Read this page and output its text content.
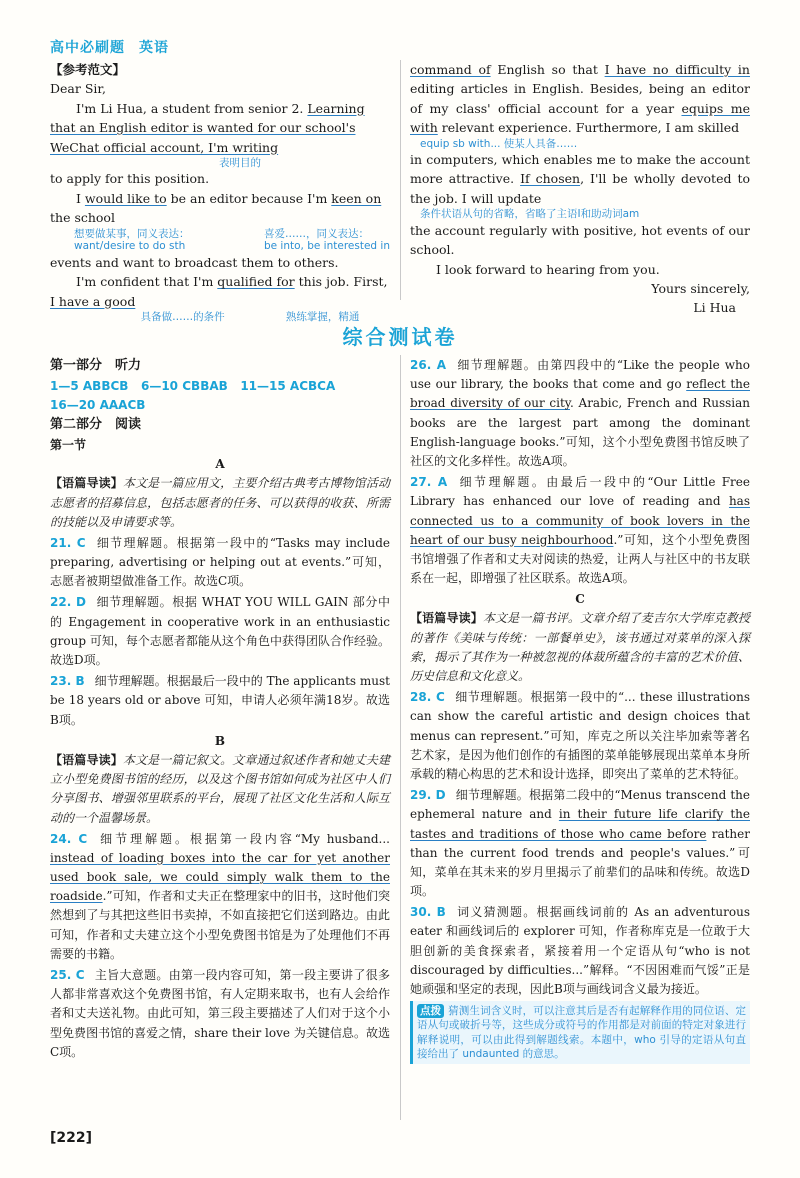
高中必刷题 英语

【参考范文】

Dear Sir,

I'm Li Hua, a student from senior 2. Learning that an English editor is wanted for our school's WeChat official account, I'm writing

表明目的

to apply for this position.

I would like to be an editor because I'm keen on the school

想要做某事，同义表达：
want/desire to do sth
喜爱……，同义表达：
be into, be interested in

events and want to broadcast them to others.

I'm confident that I'm qualified for this job. First, I have a good

具备做……的条件	熟练掌握，精通

command of English so that I have no difficulty in editing articles in English. Besides, being an editor of my class' official account for a year equips me with relevant experience. Furthermore, I am skilled

equip sb with... 使某人具备……

in computers, which enables me to make the account more attractive. If chosen, I'll be wholly devoted to the job. I will update

条件状语从句的省略，省略了主语I和助动词am

the account regularly with positive, hot events of our school.

I look forward to hearing from you.

Yours sincerely,

Li Hua

综合测试卷

第一部分　听力

1—5 ABBCB 6—10 CBBAB 11—15 ACBCA

16—20 AAACB

第二部分　阅读

第一节

A

【语篇导读】本文是一篇应用文，主要介绍古典考古博物馆活动志愿者的招募信息，包括志愿者的任务、可以获得的收获、所需的技能以及申请要求等。

21. C 细节理解题。根据第一段中的“Tasks may include preparing, advertising or helping out at events.”可知，志愿者被期望做准备工作。故选C项。

22. D 细节理解题。根据 WHAT YOU WILL GAIN 部分中的 Engagement in cooperative work in an enthusiastic group 可知，每个志愿者都能从这个角色中获得团队合作经验。故选D项。

23. B 细节理解题。根据最后一段中的 The applicants must be 18 years old or above 可知，申请人必须年满18岁。故选B项。

B

【语篇导读】本文是一篇记叙文。文章通过叙述作者和她丈夫建立小型免费图书馆的经历，以及这个图书馆如何成为社区中人们分享图书、增强邻里联系的平台，展现了社区文化生活和人际互动的一个温馨场景。

24. C 细节理解题。根据第一段内容“My husband... instead of loading boxes into the car for yet another used book sale, we could simply walk them to the roadside.”可知，作者和丈夫正在整理家中的旧书，这时他们突然想到了与其把这些旧书卖掉，不如直接把它们送到路边。由此可知，作者和丈夫建立这个小型免费图书馆是为了处理他们不再需要的书籍。

25. C 主旨大意题。由第一段内容可知，第一段主要讲了很多人都非常喜欢这个免费图书馆，有人定期来取书，也有人会给作者和丈夫送礼物。由此可知，第三段主要描述了人们对于这个小型免费图书馆的喜爱之情，share their love 为关键信息。故选C项。

26. A 细节理解题。由第四段中的“Like the people who use our library, the books that come and go reflect the broad diversity of our city. Arabic, French and Russian books are the largest part among the dominant English-language books.”可知，这个小型免费图书馆反映了社区的文化多样性。故选A项。

27. A 细节理解题。由最后一段中的“Our Little Free Library has enhanced our love of reading and has connected us to a community of book lovers in the heart of our busy neighbourhood.”可知，这个小型免费图书馆增强了作者和丈夫对阅读的热爱，让两人与社区中的书友联系在一起，即增强了社区联系。故选A项。

C

【语篇导读】本文是一篇书评。文章介绍了麦吉尔大学库克教授的著作《美味与传统：一部餐单史》，该书通过对菜单的深入探索，揭示了其作为一种被忽视的体裁所蕴含的丰富的艺术价值、历史信息和文化意义。

28. C 细节理解题。根据第一段中的“... these illustrations can show the careful artistic and design choices that menus can represent.”可知，库克之所以关注毕加索等著名艺术家，是因为他们创作的有插图的菜单能够展现出菜单本身所承载的精心构思的艺术和设计选择，即突出了菜单的艺术特征。

29. D 细节理解题。根据第二段中的“Menus transcend the ephemeral nature and in their future life clarify the tastes and traditions of those who came before rather than the current food trends and people's values.”可知，菜单在其未来的岁月里揭示了前辈们的品味和传统。故选D项。

30. B 词义猜测题。根据画线词前的 As an adventurous eater 和画线词后的 explorer 可知，作者称库克是一位敢于大胆创新的美食探索者，紧接着用一个定语从句“who is not discouraged by difficulties...”解释。“不因困难而气馁”正是她顽强和坚定的表现，因此B项与画线词含义最为接近。

点拨 猜测生词含义时，可以注意其后是否有起解释作用的同位语、定语从句或破折号等，这些成分或符号的作用都是对前面的特定对象进行解释说明，可以由此得到解题线索。本题中，who 引导的定语从句直接给出了 undaunted 的意思。
[222]
